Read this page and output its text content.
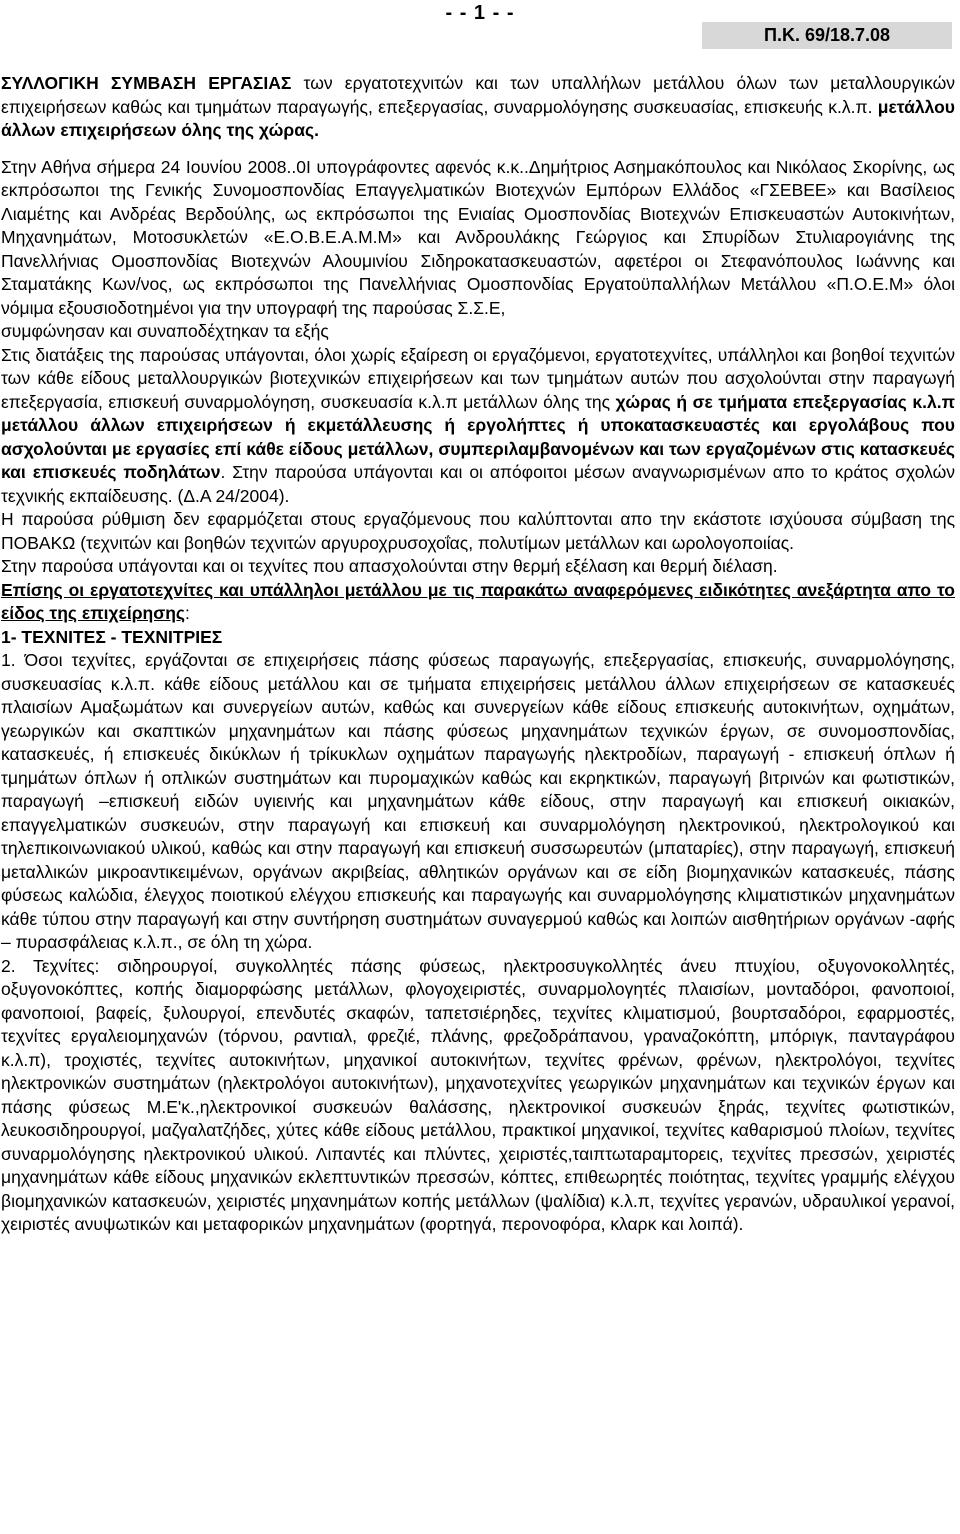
- - 1 - -
Π.Κ. 69/18.7.08

ΣΥΛΛΟΓΙΚΗ ΣΥΜΒΑΣΗ ΕΡΓΑΣΙΑΣ των εργατοτεχνιτών και των υπαλλήλων μετάλλου όλων των μεταλλουργικών επιχειρήσεων καθώς και τμημάτων παραγωγής, επεξεργασίας, συναρμολόγησης συσκευασίας, επισκευής κ.λ.π. μετάλλου άλλων επιχειρήσεων όλης της χώρας.

Στην Αθήνα σήμερα 24 Ιουνίου 2008..0Ι υπογράφοντες αφενός κ.κ..Δημήτριος Ασημακόπουλος και Νικόλαος Σκορίνης, ως εκπρόσωποι της Γενικής Συνομοσπονδίας Επαγγελματικών Βιοτεχνών Εμπόρων Ελλάδος «ΓΣΕΒΕΕ» και Βασίλειος Λιαμέτης και Ανδρέας Βερδούλης, ως εκπρόσωποι της Ενιαίας Ομοσπονδίας Βιοτεχνών Επισκευαστών Αυτοκινήτων, Μηχανημάτων, Μοτοσυκλετών «Ε.Ο.Β.Ε.Α.Μ.Μ» και Ανδρουλάκης Γεώργιος και Σπυρίδων Στυλιαρογιάνης της Πανελλήνιας Ομοσπονδίας Βιοτεχνών Αλουμινίου Σιδηροκατασκευαστών, αφετέροι οι Στεφανόπουλος Ιωάννης και Σταματάκης Κων/νος, ως εκπρόσωποι της Πανελλήνιας Ομοσπονδίας Εργατοϋπαλλήλων Μετάλλου «Π.Ο.Ε.Μ» όλοι νόμιμα εξουσιοδοτημένοι για την υπογραφή της παρούσας Σ.Σ.Ε,

συμφώνησαν και συναποδέχτηκαν τα εξής

Στις διατάξεις της παρούσας υπάγονται, όλοι χωρίς εξαίρεση οι εργαζόμενοι, εργατοτεχνίτες, υπάλληλοι και βοηθοί τεχνιτών των κάθε είδους μεταλλουργικών βιοτεχνικών επιχειρήσεων και των τμημάτων αυτών που ασχολούνται στην παραγωγή επεξεργασία, επισκευή συναρμολόγηση, συσκευασία κ.λ.π μετάλλων όλης της χώρας ή σε τμήματα επεξεργασίας κ.λ.π μετάλλου άλλων επιχειρήσεων ή εκμετάλλευσης ή εργολήπτες ή υποκατασκευαστές και εργολάβους που ασχολούνται με εργασίες επί κάθε είδους μετάλλων, συμπεριλαμβανομένων και των εργαζομένων στις κατασκευές και επισκευές ποδηλάτων. Στην παρούσα υπάγονται και οι απόφοιτοι μέσων αναγνωρισμένων απο το κράτος σχολών τεχνικής εκπαίδευσης. (Δ.Α 24/2004).

Η παρούσα ρύθμιση δεν εφαρμόζεται στους εργαζόμενους που καλύπτονται απο την εκάστοτε ισχύουσα σύμβαση της ΠΟΒΑΚΩ (τεχνιτών και βοηθών τεχνιτών αργυροχρυσοχοΐας, πολυτίμων μετάλλων και ωρολογοποιίας.

Στην παρούσα υπάγονται και οι τεχνίτες που απασχολούνται στην θερμή εξέλαση και θερμή διέλαση.

Επίσης οι εργατοτεχνίτες και υπάλληλοι μετάλλου με τις παρακάτω αναφερόμενες ειδικότητες ανεξάρτητα απο το είδος της επιχείρησης:

1- ΤΕΧΝΙΤΕΣ - ΤΕΧΝΙΤΡΙΕΣ

1. Όσοι τεχνίτες, εργάζονται σε επιχειρήσεις πάσης φύσεως παραγωγής, επεξεργασίας, επισκευής, συναρμολόγησης, συσκευασίας κ.λ.π. κάθε είδους μετάλλου και σε τμήματα επιχειρήσεις μετάλλου άλλων επιχειρήσεων σε κατασκευές πλαισίων Αμαξωμάτων και συνεργείων αυτών, καθώς και συνεργείων κάθε είδους επισκευής αυτοκινήτων, οχημάτων, γεωργικών και σκαπτικών μηχανημάτων και πάσης φύσεως μηχανημάτων τεχνικών έργων, σε συνομοσπονδίας, κατασκευές, ή επισκευές δικύκλων ή τρίκυκλων οχημάτων παραγωγής ηλεκτροδίων, παραγωγή - επισκευή όπλων ή τμημάτων όπλων ή οπλικών συστημάτων και πυρομαχικών καθώς και εκρηκτικών, παραγωγή βιτρινών και φωτιστικών, παραγωγή –επισκευή ειδών υγιεινής και μηχανημάτων κάθε είδους, στην παραγωγή και επισκευή οικιακών, επαγγελματικών συσκευών, στην παραγωγή και επισκευή και συναρμολόγηση ηλεκτρονικού, ηλεκτρολογικού και τηλεπικοινωνιακού υλικού, καθώς και στην παραγωγή και επισκευή συσσωρευτών (μπαταρίες), στην παραγωγή, επισκευή μεταλλικών μικροαντικειμένων, οργάνων ακριβείας, αθλητικών οργάνων και σε είδη βιομηχανικών κατασκευές, πάσης φύσεως καλώδια, έλεγχος ποιοτικού ελέγχου επισκευής και παραγωγής και συναρμολόγησης κλιματιστικών μηχανημάτων κάθε τύπου στην παραγωγή και στην συντήρηση συστημάτων συναγερμού καθώς και λοιπών αισθητήριων οργάνων -αφής – πυρασφάλειας κ.λ.π., σε όλη τη χώρα.

2. Τεχνίτες: σιδηρουργοί, συγκολλητές πάσης φύσεως, ηλεκτροσυγκολλητές άνευ πτυχίου, οξυγονοκολλητές, οξυγονοκόπτες, κοπής διαμορφώσης μετάλλων, φλογοχειριστές, συναρμολογητές πλαισίων, μονταδόροι, φανοποιοί, φανοποιοί, βαφείς, ξυλουργοί, επενδυτές σκαφών, ταπετσιέρηδες, τεχνίτες κλιματισμού, βουρτσαδόροι, εφαρμοστές, τεχνίτες εργαλειομηχανών (τόρνου, ραντιαλ, φρεζιέ, πλάνης, φρεζοδράπανου, γραναζοκόπτη, μπόριγκ, πανταγράφου κ.λ.π), τροχιστές, τεχνίτες αυτοκινήτων, μηχανικοί αυτοκινήτων, τεχνίτες φρένων, φρένων, ηλεκτρολόγοι, τεχνίτες ηλεκτρονικών συστημάτων (ηλεκτρολόγοι αυτοκινήτων), μηχανοτεχνίτες γεωργικών μηχανημάτων και τεχνικών έργων και πάσης φύσεως Μ.Ε'κ.,ηλεκτρονικοί συσκευών θαλάσσης, ηλεκτρονικοί συσκευών ξηράς, τεχνίτες φωτιστικών, λευκοσιδηρουργοί, μαζγαλατζήδες, χύτες κάθε είδους μετάλλου, πρακτικοί μηχανικοί, τεχνίτες καθαρισμού πλοίων, τεχνίτες συναρμολόγησης ηλεκτρονικού υλικού. Λιπαντές και πλύντες, χειριστές,ταιπτωταραμτορεις, τεχνίτες πρεσσών, χειριστές μηχανημάτων κάθε είδους μηχανικών εκλεπτυντικών πρεσσών, κόπτες, επιθεωρητές ποιότητας, τεχνίτες γραμμής ελέγχου βιομηχανικών κατασκευών, χειριστές μηχανημάτων κοπής μετάλλων (ψαλίδια) κ.λ.π, τεχνίτες γερανών, υδραυλικοί γερανοί, χειριστές ανυψωτικών και μεταφορικών μηχανημάτων (φορτηγά, περονοφόρα, κλαρκ και λοιπά).
